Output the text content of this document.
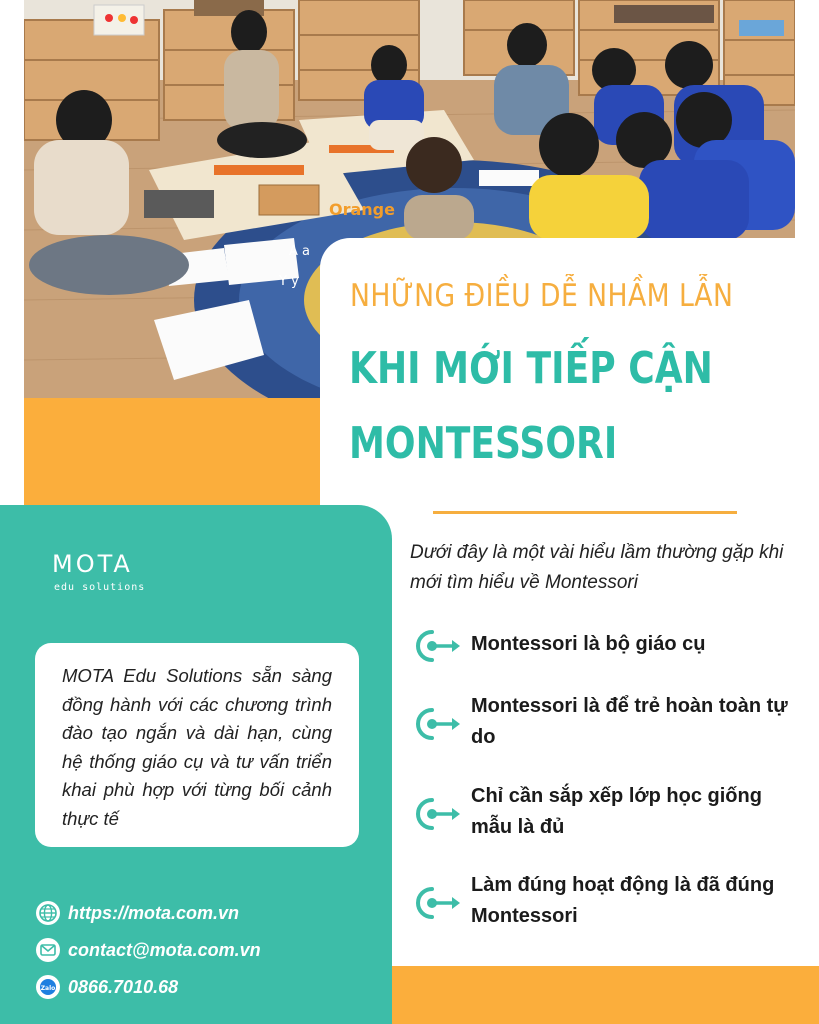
Orange
A a
Y y NHỮNG ĐIỀU DỄ NHẦM LẪN
KHI MỚI TIẾP CẬN
MONTESSORI
MOTA
edu solutions

MOTA Edu Solutions sẵn sàng đồng hành với các chương trình đào tạo ngắn và dài hạn, cùng hệ thống giáo cụ và tư vấn triển khai phù hợp với từng bối cảnh thực tế

https://mota.com.vn
contact@mota.com.vn
Zalo 0866.7010.68

Dưới đây là một vài hiểu lầm thường gặp khi mới tìm hiểu về Montessori

Montessori là bộ giáo cụ
Montessori là để trẻ hoàn toàn tự do
Chỉ cần sắp xếp lớp học giống mẫu là đủ
Làm đúng hoạt động là đã đúng Montessori
